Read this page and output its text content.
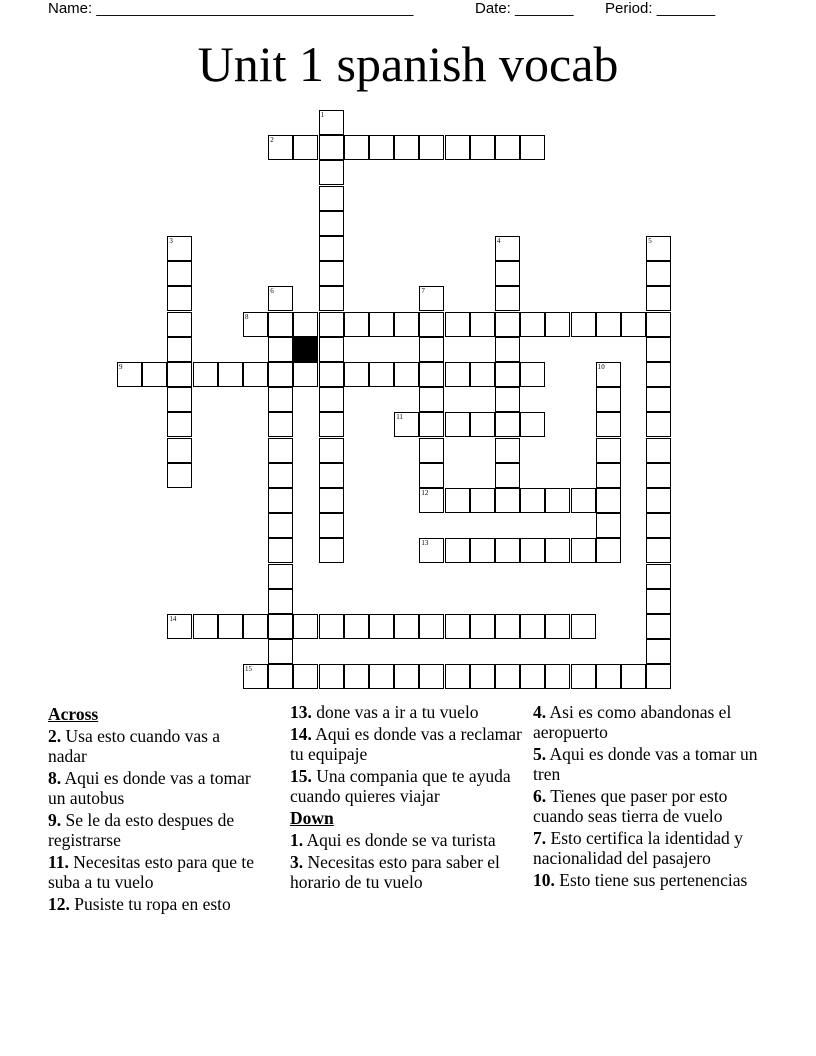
Name: ______________________________________	Date: _______ Period: _______
Unit 1 spanish vocab
1
2
3	4	5
6	7
12
8
9	10
11
13
14
15
Across
2. Usa esto cuando vas a nadar
8. Aqui es donde vas a tomar un autobus
9. Se le da esto despues de registrarse
11. Necesitas esto para que te suba a tu vuelo
12. Pusiste tu ropa en esto
13. done vas a ir a tu vuelo
14. Aqui es donde vas a reclamar tu equipaje
15. Una compania que te ayuda cuando quieres viajar
Down
1. Aqui es donde se va turista
3. Necesitas esto para saber el horario de tu vuelo
4. Asi es como abandonas el aeropuerto
5. Aqui es donde vas a tomar un tren
6. Tienes que paser por esto cuando seas tierra de vuelo
7. Esto certifica la identidad y nacionalidad del pasajero
10. Esto tiene sus pertenencias
